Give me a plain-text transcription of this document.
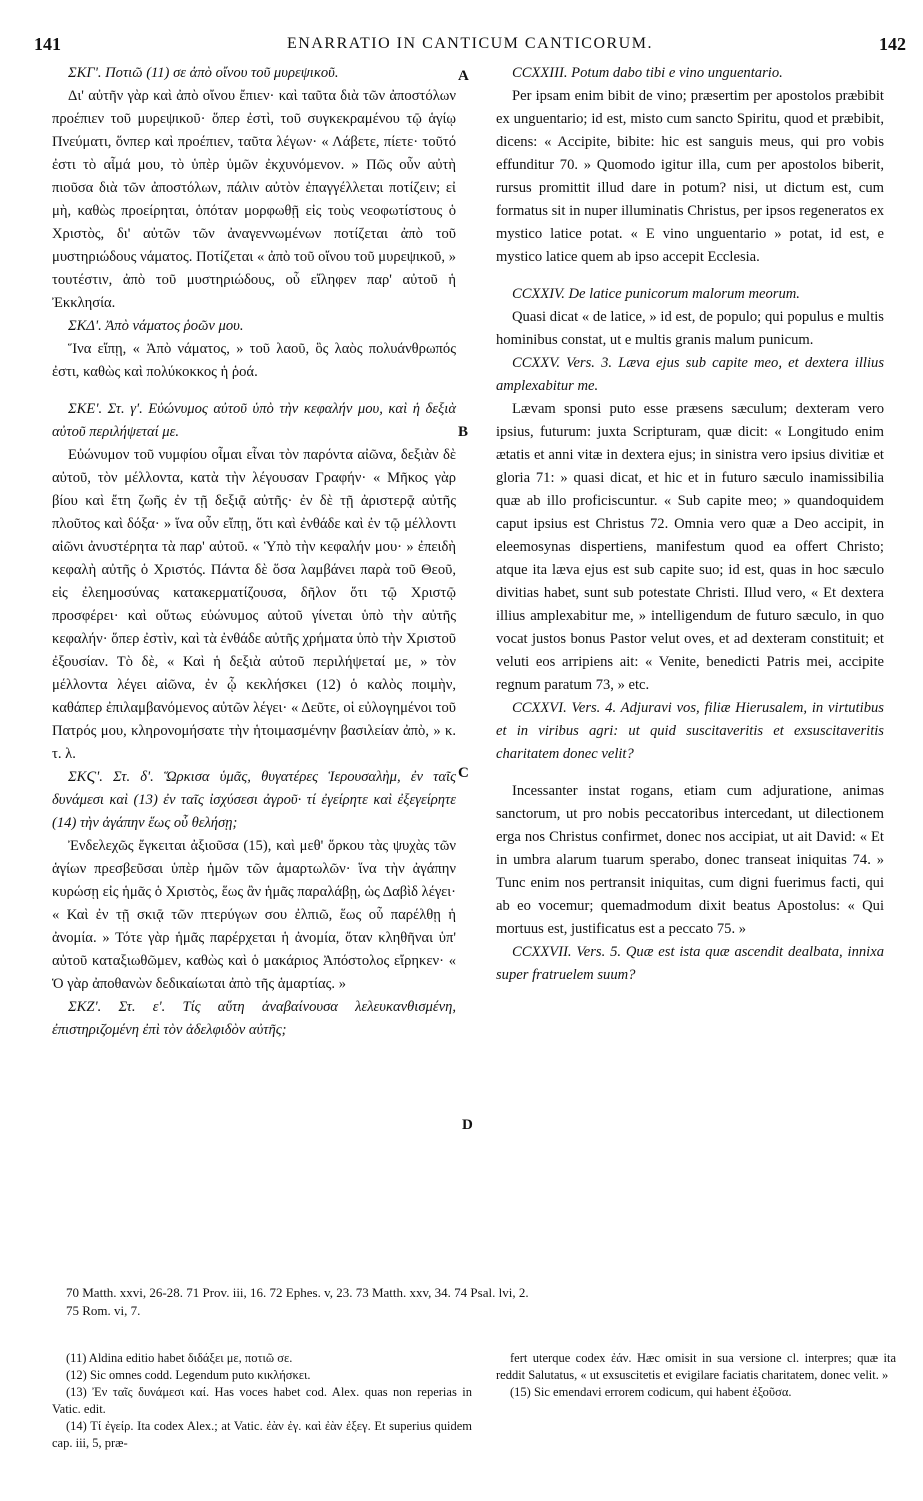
141	ENARRATIO IN CANTICUM CANTICORUM.	142

ΣΚΓ'. Ποτιῶ (11) σε ἀπὸ οἴνου τοῦ μυρεψικοῦ.

Δι' αὐτῆν γὰρ καὶ ἀπὸ οἴνου ἔπιεν· καὶ ταῦτα διὰ τῶν ἀποστόλων προέπιεν τοῦ μυρεψικοῦ· ὅπερ ἐστὶ, τοῦ συγκεκραμένου τῷ ἁγίῳ Πνεύματι, ὅνπερ καὶ προέπιεν, ταῦτα λέγων· « Λάβετε, πίετε· τοῦτό ἐστι τὸ αἷμά μου, τὸ ὑπὲρ ὑμῶν ἐκχυνόμενον. » Πῶς οὖν αὐτὴ πιοῦσα διὰ τῶν ἀποστόλων, πάλιν αὐτὸν ἐπαγγέλλεται ποτίζειν; εἰ μὴ, καθὼς προείρηται, ὁπόταν μορφωθῇ εἰς τοὺς νεοφωτίστους ὁ Χριστὸς, δι' αὐτῶν τῶν ἀναγεννωμένων ποτίζεται ἀπὸ τοῦ μυστηριώδους νάματος. Ποτίζεται « ἀπὸ τοῦ οἴνου τοῦ μυρεψικοῦ, » τουτέστιν, ἀπὸ τοῦ μυστηριώδους, οὗ εἴληφεν παρ' αὐτοῦ ἡ Ἐκκλησία.

ΣΚΔ'. Ἀπὸ νάματος ῥοῶν μου.

Ἵνα εἴπῃ, « Ἀπὸ νάματος, » τοῦ λαοῦ, ὃς λαὸς πολυάνθρωπός ἐστι, καθὼς καὶ πολύκοκκος ἡ ῥοά.

ΣΚΕ'. Στ. γ'. Εὐώνυμος αὐτοῦ ὑπὸ τὴν κεφαλήν μου, καὶ ἡ δεξιὰ αὐτοῦ περιλήψεταί με.

Εὐώνυμον τοῦ νυμφίου οἶμαι εἶναι τὸν παρόντα αἰῶνα, δεξιὰν δὲ αὐτοῦ, τὸν μέλλοντα, κατὰ τὴν λέγουσαν Γραφήν· « Μῆκος γὰρ βίου καὶ ἔτη ζωῆς ἐν τῇ δεξιᾷ αὐτῆς· ἐν δὲ τῇ ἀριστερᾷ αὐτῆς πλοῦτος καὶ δόξα· » ἵνα οὖν εἴπῃ, ὅτι καὶ ἐνθάδε καὶ ἐν τῷ μέλλοντι αἰῶνι ἀνυστέρητα τὰ παρ' αὐτοῦ. « Ὑπὸ τὴν κεφαλήν μου· » ἐπειδὴ κεφαλὴ αὐτῆς ὁ Χριστός. Πάντα δὲ ὅσα λαμβάνει παρὰ τοῦ Θεοῦ, εἰς ἐλεημοσύνας κατακερματίζουσα, δῆλον ὅτι τῷ Χριστῷ προσφέρει· καὶ οὕτως εὐώνυμος αὐτοῦ γίνεται ὑπὸ τὴν αὐτῆς κεφαλήν· ὅπερ ἐστὶν, καὶ τὰ ἐνθάδε αὐτῆς χρήματα ὑπὸ τὴν Χριστοῦ ἐξουσίαν. Τὸ δὲ, « Καὶ ἡ δεξιὰ αὐτοῦ περιλήψεταί με, » τὸν μέλλοντα λέγει αἰῶνα, ἐν ᾧ κεκλήσκει (12) ὁ καλὸς ποιμὴν, καθάπερ ἐπιλαμβανόμενος αὐτῶν λέγει· « Δεῦτε, οἱ εὐλογημένοι τοῦ Πατρός μου, κληρονομήσατε τὴν ἡτοιμασμένην βασιλείαν ἀπὸ, » κ. τ. λ.

ΣΚϚ'. Στ. δ'. Ὥρκισα ὑμᾶς, θυγατέρες Ἱερουσαλὴμ, ἐν ταῖς δυνάμεσι καὶ (13) ἐν ταῖς ἰσχύσεσι ἀγροῦ· τί ἐγείρητε καὶ ἐξεγείρητε (14) τὴν ἀγάπην ἕως οὗ θελήσῃ;

Ἐνδελεχῶς ἔγκειται ἀξιοῦσα (15), καὶ μεθ' ὅρκου τὰς ψυχὰς τῶν ἁγίων πρεσβεῦσαι ὑπὲρ ἡμῶν τῶν ἁμαρτωλῶν· ἵνα τὴν ἀγάπην κυρώσῃ εἰς ἡμᾶς ὁ Χριστὸς, ἕως ἂν ἡμᾶς παραλάβῃ, ὡς Δαβὶδ λέγει· « Καὶ ἐν τῇ σκιᾷ τῶν πτερύγων σου ἐλπιῶ, ἕως οὗ παρέλθῃ ἡ ἀνομία. » Τότε γὰρ ἡμᾶς παρέρχεται ἡ ἀνομία, ὅταν κληθῆναι ὑπ' αὐτοῦ καταξιωθῶμεν, καθὼς καὶ ὁ μακάριος Ἀπόστολος εἴρηκεν· « Ὁ γὰρ ἀποθανὼν δεδικαίωται ἀπὸ τῆς ἁμαρτίας. »

ΣΚΖ'. Στ. ε'. Τίς αὕτη ἀναβαίνουσα λελευκανθισμένη, ἐπιστηριζομένη ἐπὶ τὸν ἀδελφιδὸν αὐτῆς;

CCXXIII. Potum dabo tibi e vino unguentario.

Per ipsam enim bibit de vino; præsertim per apostolos præbibit ex unguentario; id est, misto cum sancto Spiritu, quod et præbibit, dicens: « Accipite, bibite: hic est sanguis meus, qui pro vobis effunditur 70. » Quomodo igitur illa, cum per apostolos biberit, rursus promittit illud dare in potum? nisi, ut dictum est, cum formatus sit in nuper illuminatis Christus, per ipsos regeneratos ex mystico latice potat. « E vino unguentario » potat, id est, e mystico latice quem ab ipso accepit Ecclesia.

CCXXIV. De latice punicorum malorum meorum.

Quasi dicat « de latice, » id est, de populo; qui populus e multis hominibus constat, ut e multis granis malum punicum.

CCXXV. Vers. 3. Læva ejus sub capite meo, et dextera illius amplexabitur me.

Lævam sponsi puto esse præsens sæculum; dexteram vero ipsius, futurum: juxta Scripturam, quæ dicit: « Longitudo enim ætatis et anni vitæ in dextera ejus; in sinistra vero ipsius divitiæ et gloria 71: » quasi dicat, et hic et in futuro sæculo inamissibilia quæ ab illo proficiscuntur. « Sub capite meo; » quandoquidem caput ipsius est Christus 72. Omnia vero quæ a Deo accipit, in eleemosynas dispertiens, manifestum quod ea offert Christo; atque ita læva ejus est sub capite suo; id est, quas in hoc sæculo divitias habet, sunt sub potestate Christi. Illud vero, « Et dextera illius amplexabitur me, » intelligendum de futuro sæculo, in quo vocat justos bonus Pastor velut oves, et ad dexteram constituit; et veluti eos arripiens ait: « Venite, benedicti Patris mei, accipite regnum paratum 73, » etc.

CCXXVI. Vers. 4. Adjuravi vos, filiæ Hierusalem, in virtutibus et in viribus agri: ut quid suscitaveritis et exsuscitaveritis charitatem donec velit?

Incessanter instat rogans, etiam cum adjuratione, animas sanctorum, ut pro nobis peccatoribus intercedant, ut dilectionem erga nos Christus confirmet, donec nos accipiat, ut ait David: « Et in umbra alarum tuarum sperabo, donec transeat iniquitas 74. » Tunc enim nos pertransit iniquitas, cum digni fuerimus facti, qui ab eo vocemur; quemadmodum dixit beatus Apostolus: « Qui mortuus est, justificatus est a peccato 75. »

CCXXVII. Vers. 5. Quæ est ista quæ ascendit dealbata, innixa super fratruelem suum?

A
B
C
D

70 Matth. xxvi, 26-28. 71 Prov. iii, 16. 72 Ephes. v, 23. 73 Matth. xxv, 34. 74 Psal. lvi, 2.

75 Rom. vi, 7.

(11) Aldina editio habet διδάξει με, ποτιῶ σε.

(12) Sic omnes codd. Legendum puto κικλήσκει.

(13) Ἐν ταῖς δυνάμεσι καί. Has voces habet cod. Alex. quas non reperias in Vatic. edit.

(14) Τί ἐγείρ. Ita codex Alex.; at Vatic. ἐὰν ἐγ. καὶ ἐὰν ἐξεγ. Et superius quidem cap. iii, 5, præ-

fert uterque codex ἐάν. Hæc omisit in sua versione cl. interpres; quæ ita reddit Salutatus, « ut exsuscitetis et evigilare faciatis charitatem, donec velit. »

(15) Sic emendavi errorem codicum, qui habent ἐξοῦσα.
